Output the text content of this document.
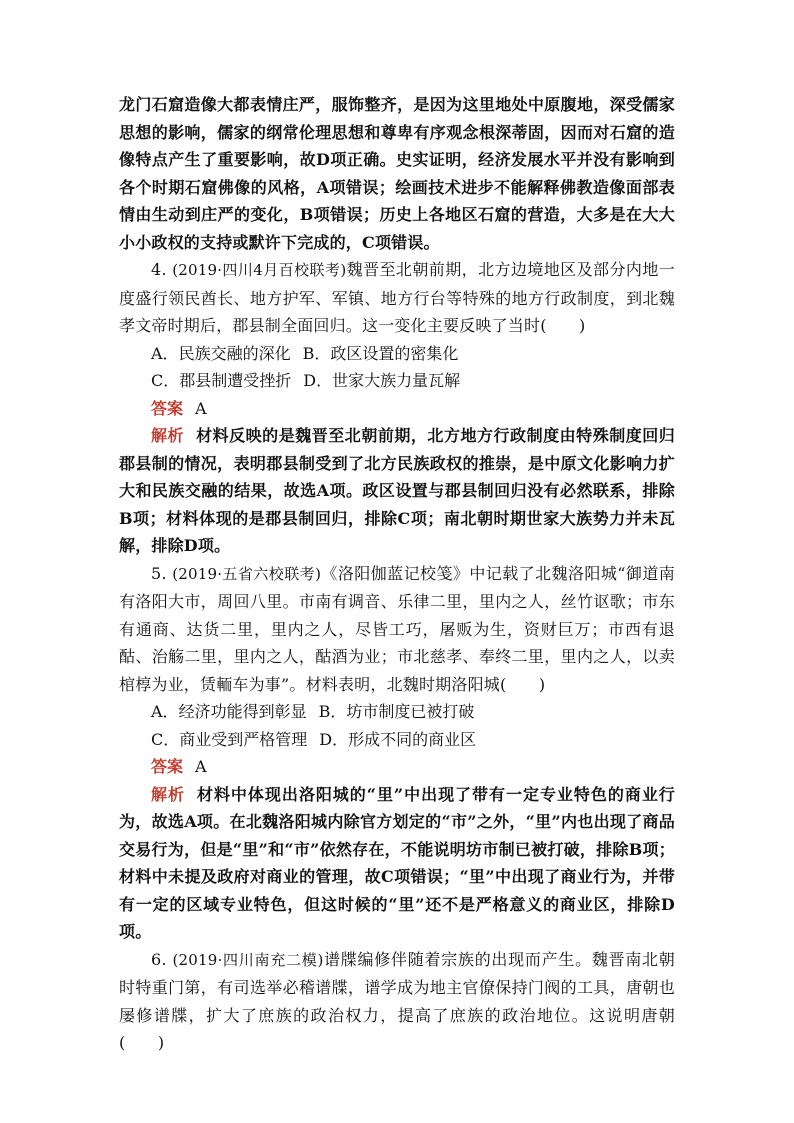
龙门石窟造像大都表情庄严，服饰整齐，是因为这里地处中原腹地，深受儒家思想的影响，儒家的纲常伦理思想和尊卑有序观念根深蒂固，因而对石窟的造像特点产生了重要影响，故D项正确。史实证明，经济发展水平并没有影响到各个时期石窟佛像的风格，A项错误；绘画技术进步不能解释佛教造像面部表情由生动到庄严的变化，B项错误；历史上各地区石窟的营造，大多是在大大小小政权的支持或默许下完成的，C项错误。

4. (2019·四川4月百校联考)魏晋至北朝前期，北方边境地区及部分内地一度盛行领民酋长、地方护军、军镇、地方行台等特殊的地方行政制度，到北魏孝文帝时期后，郡县制全面回归。这一变化主要反映了当时(　　)

A．民族交融的深化 B．政区设置的密集化

C．郡县制遭受挫折 D．世家大族力量瓦解

答案 A

解析 材料反映的是魏晋至北朝前期，北方地方行政制度由特殊制度回归郡县制的情况，表明郡县制受到了北方民族政权的推崇，是中原文化影响力扩大和民族交融的结果，故选A项。政区设置与郡县制回归没有必然联系，排除B项；材料体现的是郡县制回归，排除C项；南北朝时期世家大族势力并未瓦解，排除D项。

5. (2019·五省六校联考)《洛阳伽蓝记校笺》中记载了北魏洛阳城“御道南有洛阳大市，周回八里。市南有调音、乐律二里，里内之人，丝竹讴歌；市东有通商、达货二里，里内之人，尽皆工巧，屠贩为生，资财巨万；市西有退酤、治觞二里，里内之人，酤酒为业；市北慈孝、奉终二里，里内之人，以卖棺椁为业，赁輀车为事”。材料表明，北魏时期洛阳城(　　)

A．经济功能得到彰显 B．坊市制度已被打破

C．商业受到严格管理 D．形成不同的商业区

答案 A

解析 材料中体现出洛阳城的“里”中出现了带有一定专业特色的商业行为，故选A项。在北魏洛阳城内除官方划定的“市”之外，“里”内也出现了商品交易行为，但是“里”和“市”依然存在，不能说明坊市制已被打破，排除B项；材料中未提及政府对商业的管理，故C项错误；“里”中出现了商业行为，并带有一定的区域专业特色，但这时候的“里”还不是严格意义的商业区，排除D项。

6. (2019·四川南充二模)谱牒编修伴随着宗族的出现而产生。魏晋南北朝时特重门第，有司选举必稽谱牒，谱学成为地主官僚保持门阀的工具，唐朝也屡修谱牒，扩大了庶族的政治权力，提高了庶族的政治地位。这说明唐朝(　　)
